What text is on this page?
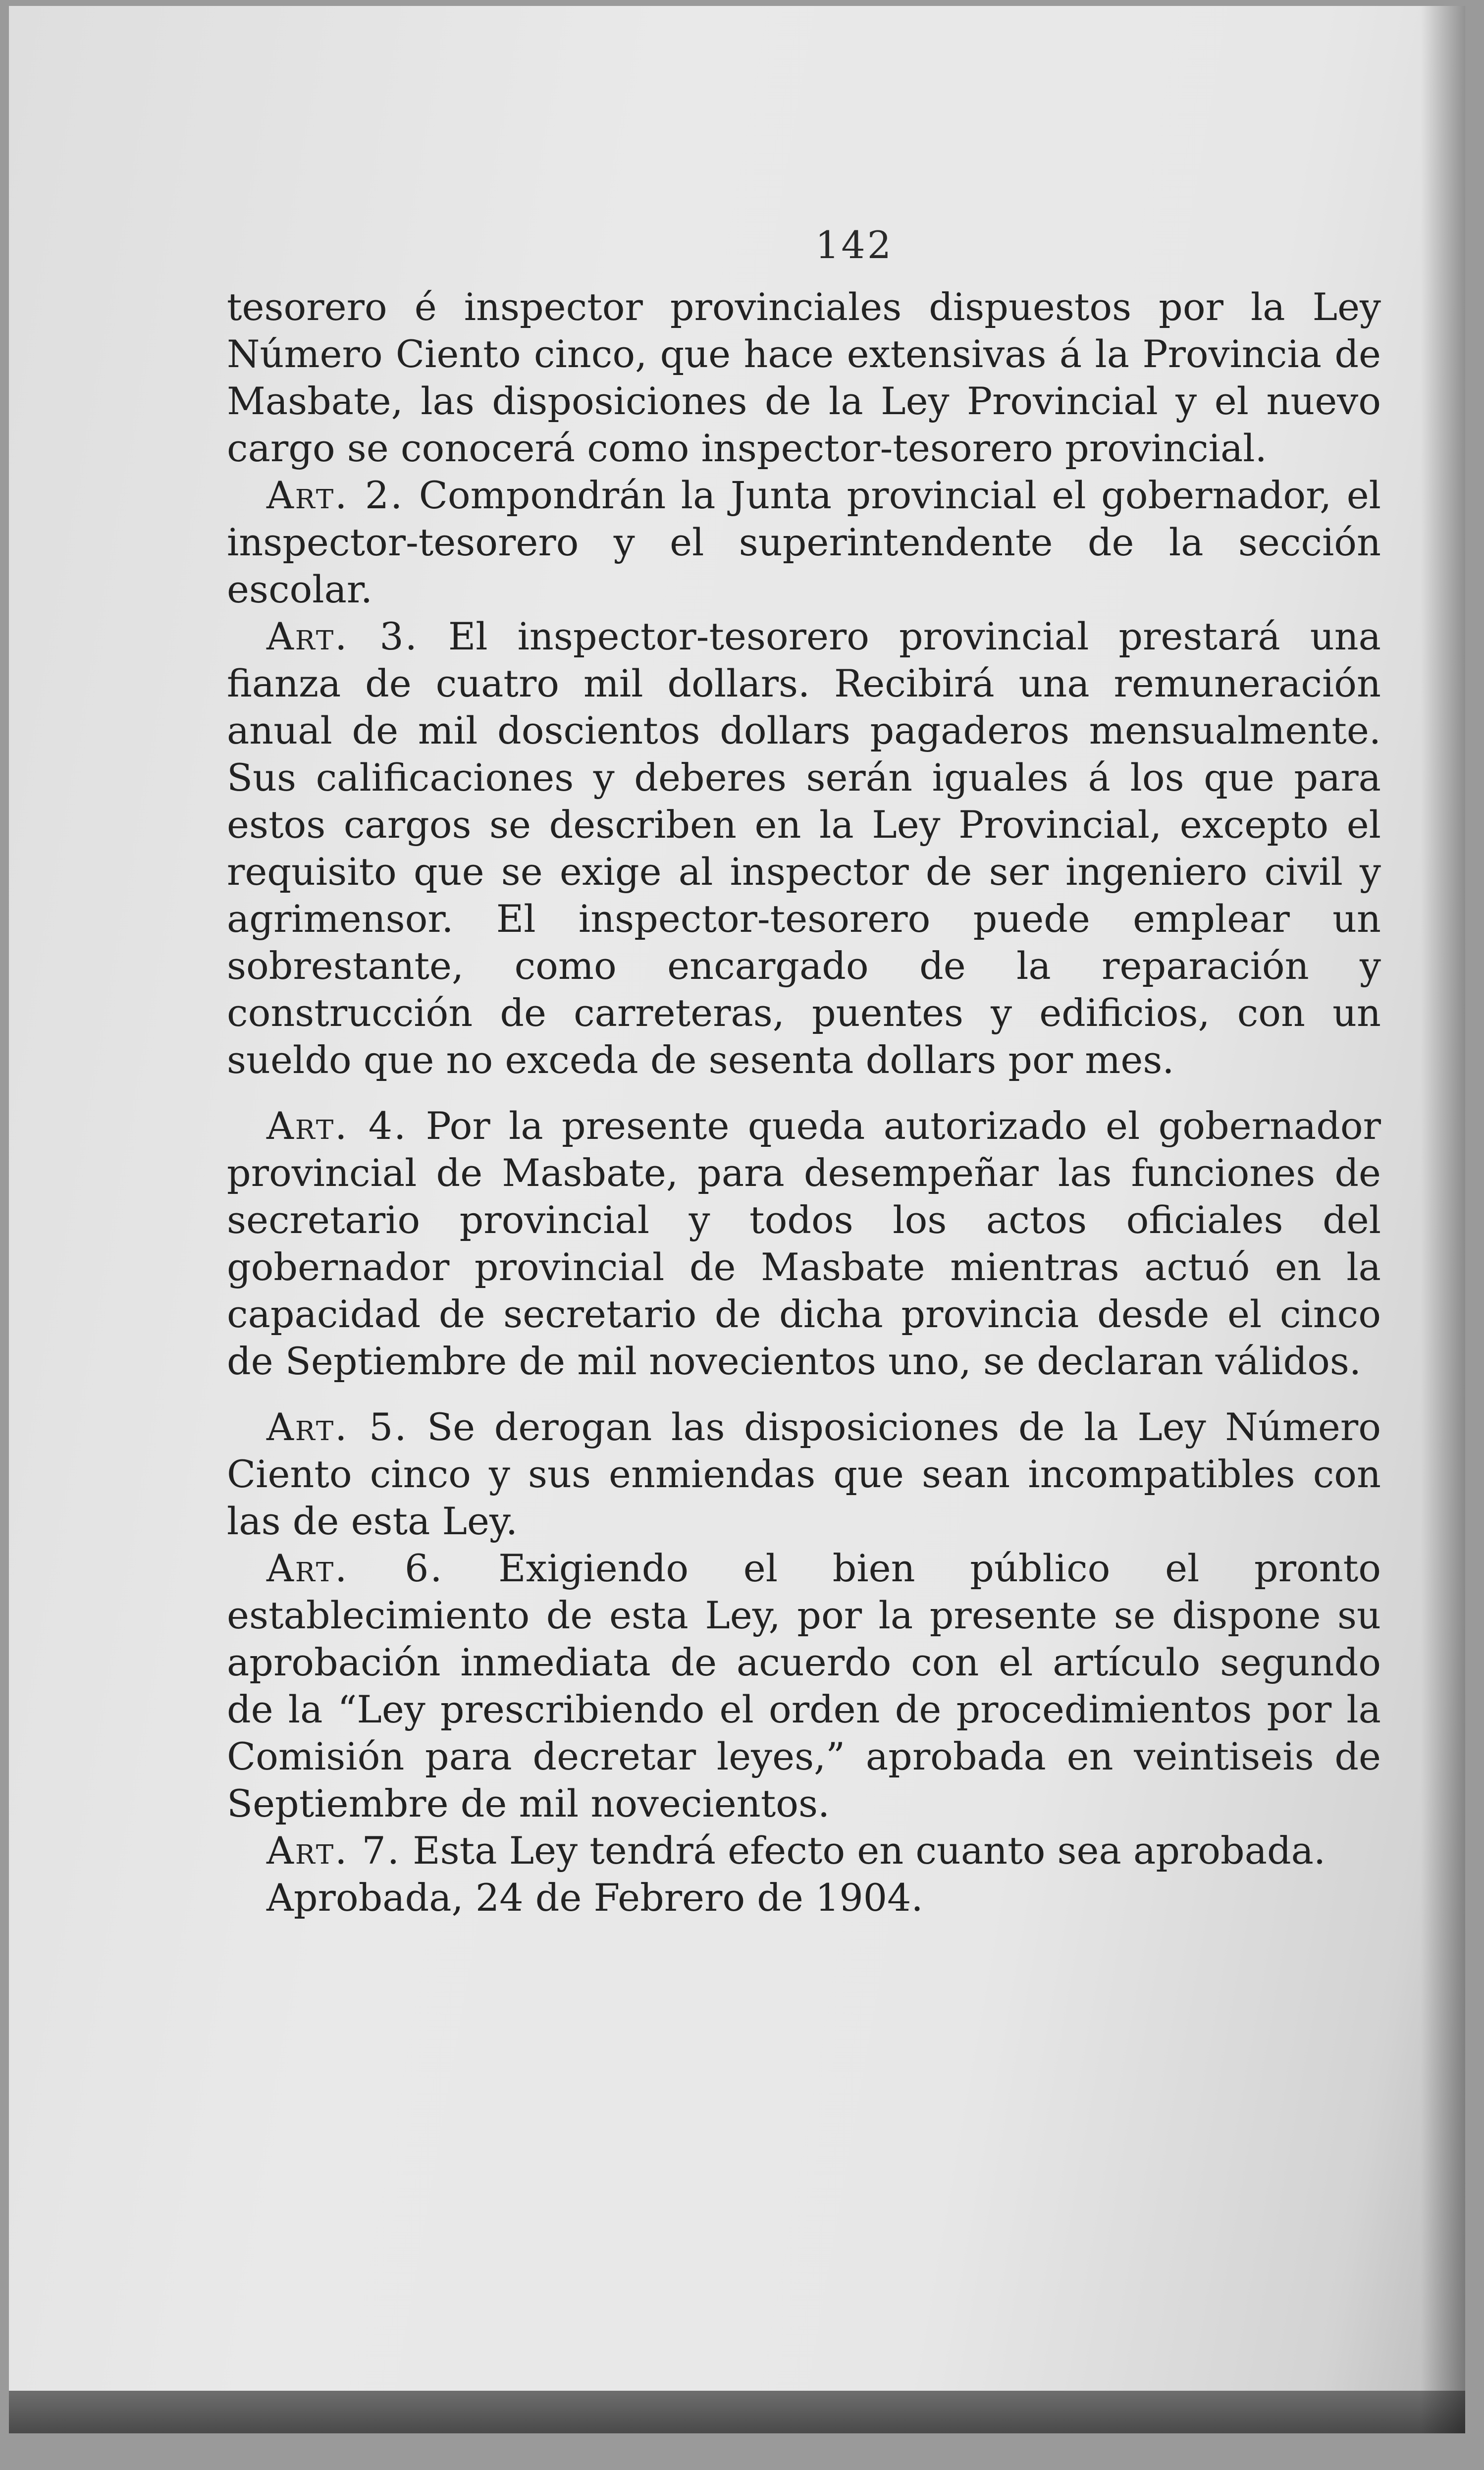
142

tesorero é inspector provinciales dispuestos por la Ley Número Ciento cinco, que hace extensivas á la Provincia de Masbate, las disposiciones de la Ley Provincial y el nuevo cargo se conocerá como inspector-tesorero provincial.

Art. 2. Compondrán la Junta provincial el gobernador, el inspector-tesorero y el superintendente de la sección escolar.

Art. 3. El inspector-tesorero provincial prestará una fianza de cuatro mil dollars. Recibirá una remuneración anual de mil doscientos dollars pagaderos mensualmente. Sus calificaciones y deberes serán iguales á los que para estos cargos se describen en la Ley Provincial, excepto el requisito que se exige al inspector de ser ingeniero civil y agrimensor. El inspector-tesorero puede emplear un sobrestante, como encargado de la reparación y construcción de carreteras, puentes y edificios, con un sueldo que no exceda de sesenta dollars por mes.

Art. 4. Por la presente queda autorizado el gobernador provincial de Masbate, para desempeñar las funciones de secretario provincial y todos los actos oficiales del gobernador provincial de Masbate mientras actuó en la capacidad de secretario de dicha provincia desde el cinco de Septiembre de mil novecientos uno, se declaran válidos.

Art. 5. Se derogan las disposiciones de la Ley Número Ciento cinco y sus enmiendas que sean incompatibles con las de esta Ley.

Art. 6. Exigiendo el bien público el pronto establecimiento de esta Ley, por la presente se dispone su aprobación inmediata de acuerdo con el artículo segundo de la “Ley prescribiendo el orden de procedimientos por la Comisión para decretar leyes,” aprobada en veintiseis de Septiembre de mil novecientos.

Art. 7. Esta Ley tendrá efecto en cuanto sea aprobada.

Aprobada, 24 de Febrero de 1904.
